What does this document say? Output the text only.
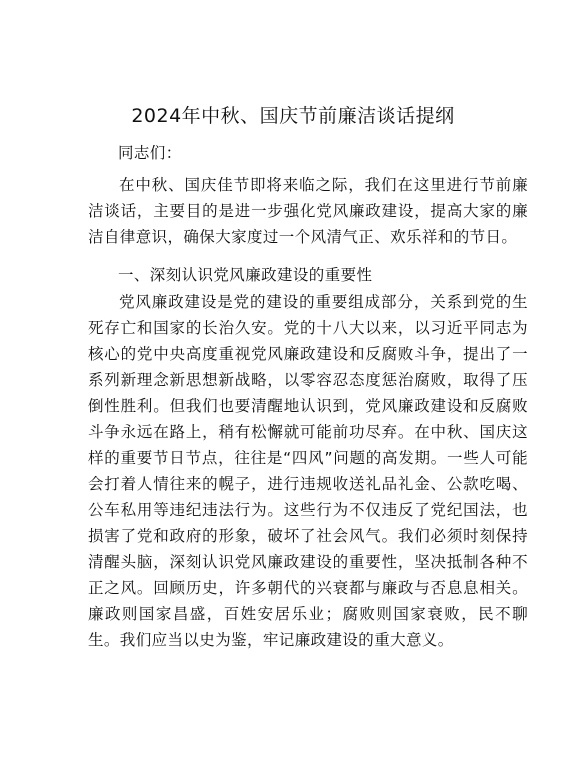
2024年中秋、国庆节前廉洁谈话提纲
同志们：

在中秋、国庆佳节即将来临之际，我们在这里进行节前廉洁谈话，主要目的是进一步强化党风廉政建设，提高大家的廉洁自律意识，确保大家度过一个风清气正、欢乐祥和的节日。

一、深刻认识党风廉政建设的重要性

党风廉政建设是党的建设的重要组成部分，关系到党的生死存亡和国家的长治久安。党的十八大以来，以习近平同志为核心的党中央高度重视党风廉政建设和反腐败斗争，提出了一系列新理念新思想新战略，以零容忍态度惩治腐败，取得了压倒性胜利。但我们也要清醒地认识到，党风廉政建设和反腐败斗争永远在路上，稍有松懈就可能前功尽弃。在中秋、国庆这样的重要节日节点，往往是“四风”问题的高发期。一些人可能会打着人情往来的幌子，进行违规收送礼品礼金、公款吃喝、公车私用等违纪违法行为。这些行为不仅违反了党纪国法，也损害了党和政府的形象，破坏了社会风气。我们必须时刻保持清醒头脑，深刻认识党风廉政建设的重要性，坚决抵制各种不正之风。回顾历史，许多朝代的兴衰都与廉政与否息息相关。廉政则国家昌盛，百姓安居乐业；腐败则国家衰败，民不聊生。我们应当以史为鉴，牢记廉政建设的重大意义。
